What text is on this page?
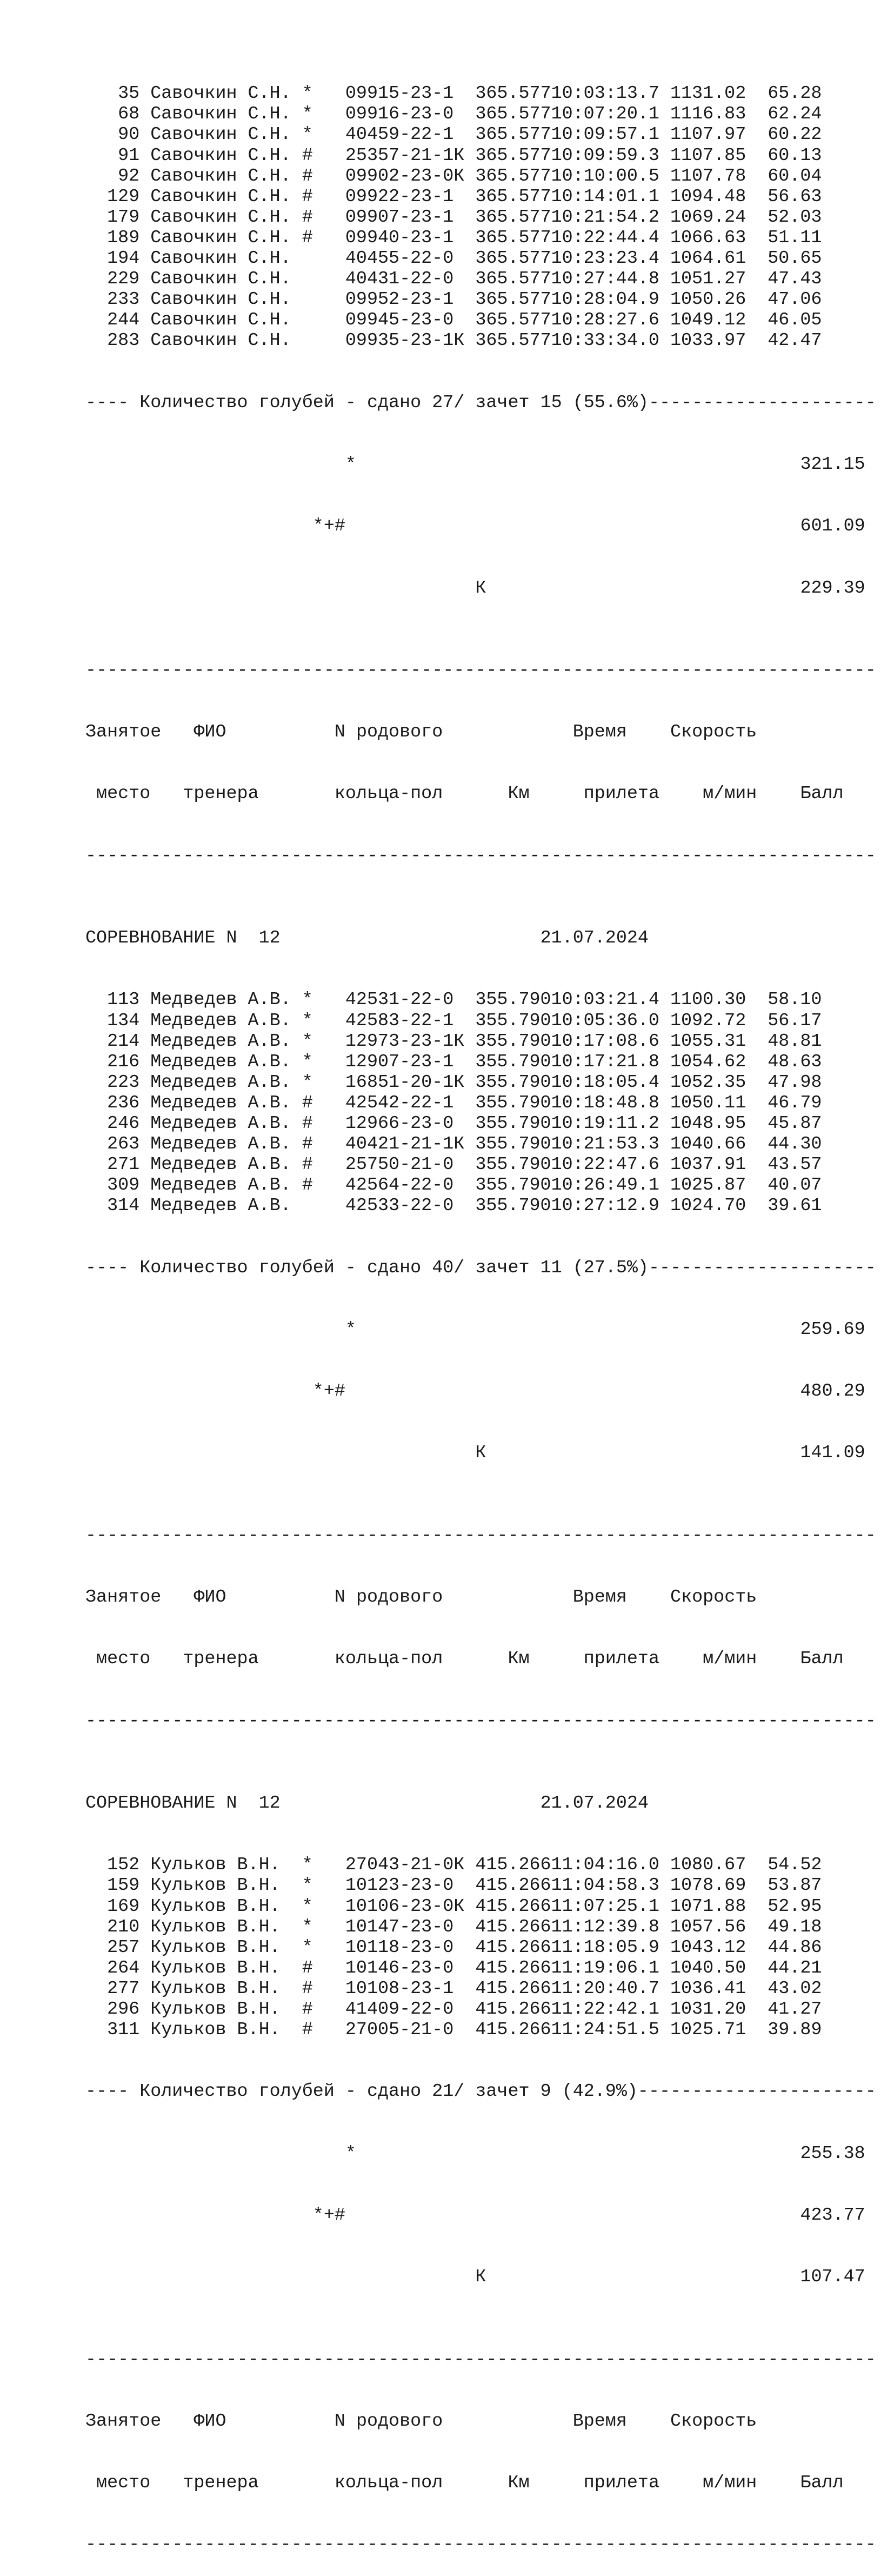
35 Савочкин С.Н. * 09915-23-1 365.57710:03:13.7 1131.02 65.28
68 Савочкин С.Н. * 09916-23-0 365.57710:07:20.1 1116.83 62.24
90 Савочкин С.Н. * 40459-22-1 365.57710:09:57.1 1107.97 60.22
91 Савочкин С.Н. # 25357-21-1К 365.57710:09:59.3 1107.85 60.13
92 Савочкин С.Н. # 09902-23-0К 365.57710:10:00.5 1107.78 60.04
129 Савочкин С.Н. # 09922-23-1 365.57710:14:01.1 1094.48 56.63
179 Савочкин С.Н. # 09907-23-1 365.57710:21:54.2 1069.24 52.03
189 Савочкин С.Н. # 09940-23-1 365.57710:22:44.4 1066.63 51.11
194 Савочкин С.Н.	40455-22-0 365.57710:23:23.4 1064.61 50.65
229 Савочкин С.Н.	40431-22-0 365.57710:27:44.8 1051.27 47.43
233 Савочкин С.Н.	09952-23-1 365.57710:28:04.9 1050.26 47.06
244 Савочкин С.Н.	09945-23-0 365.57710:28:27.6 1049.12 46.05
283 Савочкин С.Н.	09935-23-1К 365.57710:33:34.0 1033.97 42.47

---- Количество голубей - сдано 27/ зачет 15 (55.6%)---------------------

*                                         321.15

*+#                                          601.09

К                             229.39

-------------------------------------------------------------------------

Занятое   ФИО          N родового            Время    Скорость

место   тренера       кольца-пол      Км     прилета    м/мин    Балл

-------------------------------------------------------------------------

СОРЕВНОВАНИЕ N  12                        21.07.2024

113 Медведев А.В. * 42531-22-0 355.79010:03:21.4 1100.30 58.10
134 Медведев А.В. * 42583-22-1 355.79010:05:36.0 1092.72 56.17
214 Медведев А.В. * 12973-23-1К 355.79010:17:08.6 1055.31 48.81
216 Медведев А.В. * 12907-23-1 355.79010:17:21.8 1054.62 48.63
223 Медведев А.В. * 16851-20-1К 355.79010:18:05.4 1052.35 47.98
236 Медведев А.В. # 42542-22-1 355.79010:18:48.8 1050.11 46.79
246 Медведев А.В. # 12966-23-0 355.79010:19:11.2 1048.95 45.87
263 Медведев А.В. # 40421-21-1К 355.79010:21:53.3 1040.66 44.30
271 Медведев А.В. # 25750-21-0 355.79010:22:47.6 1037.91 43.57
309 Медведев А.В. # 42564-22-0 355.79010:26:49.1 1025.87 40.07
314 Медведев А.В.	42533-22-0 355.79010:27:12.9 1024.70 39.61

---- Количество голубей - сдано 40/ зачет 11 (27.5%)---------------------

*                                         259.69

*+#                                          480.29

К                             141.09

-------------------------------------------------------------------------

Занятое   ФИО          N родового            Время    Скорость

место   тренера       кольца-пол      Км     прилета    м/мин    Балл

-------------------------------------------------------------------------

СОРЕВНОВАНИЕ N  12                        21.07.2024

152 Кульков В.Н. * 27043-21-0К 415.26611:04:16.0 1080.67 54.52
159 Кульков В.Н. * 10123-23-0 415.26611:04:58.3 1078.69 53.87
169 Кульков В.Н. * 10106-23-0К 415.26611:07:25.1 1071.88 52.95
210 Кульков В.Н. * 10147-23-0 415.26611:12:39.8 1057.56 49.18
257 Кульков В.Н. * 10118-23-0 415.26611:18:05.9 1043.12 44.86
264 Кульков В.Н. # 10146-23-0 415.26611:19:06.1 1040.50 44.21
277 Кульков В.Н. # 10108-23-1 415.26611:20:40.7 1036.41 43.02
296 Кульков В.Н. # 41409-22-0 415.26611:22:42.1 1031.20 41.27
311 Кульков В.Н. # 27005-21-0 415.26611:24:51.5 1025.71 39.89

---- Количество голубей - сдано 21/ зачет 9 (42.9%)----------------------

*                                         255.38

*+#                                          423.77

К                             107.47

-------------------------------------------------------------------------

Занятое   ФИО          N родового            Время    Скорость

место   тренера       кольца-пол      Км     прилета    м/мин    Балл

-------------------------------------------------------------------------
